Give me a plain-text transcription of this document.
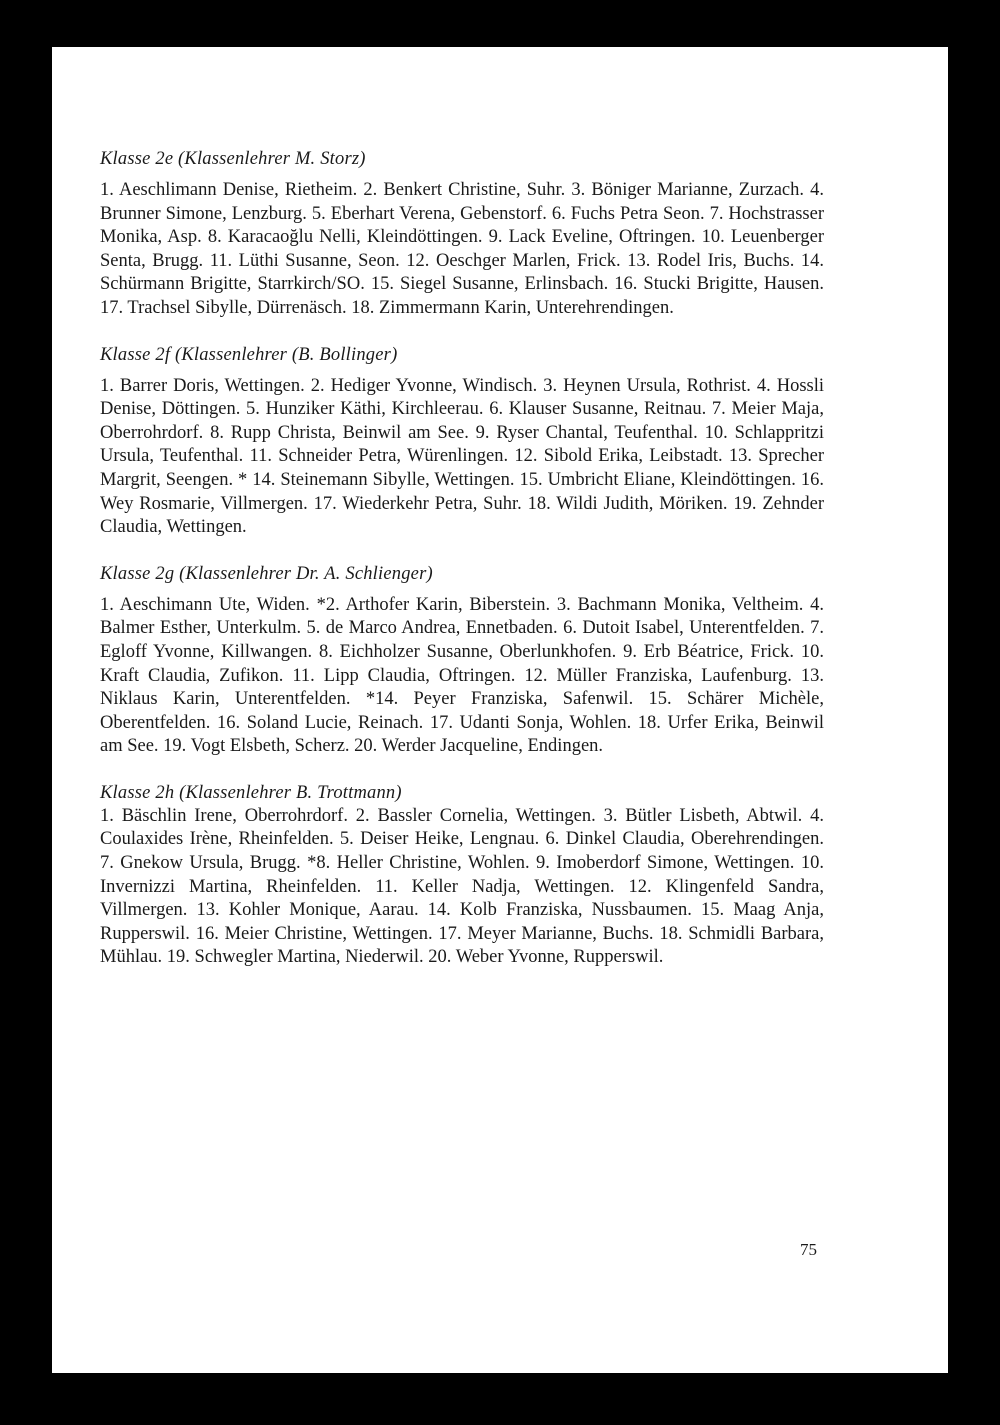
Klasse 2e (Klassenlehrer M. Storz)

1. Aeschlimann Denise, Rietheim. 2. Benkert Christine, Suhr. 3. Böniger Marianne, Zurzach. 4. Brunner Simone, Lenzburg. 5. Eberhart Verena, Gebenstorf. 6. Fuchs Petra Seon. 7. Hochstrasser Monika, Asp. 8. Karacaoğlu Nelli, Kleindöttingen. 9. Lack Eveline, Oftringen. 10. Leuenberger Senta, Brugg. 11. Lüthi Susanne, Seon. 12. Oeschger Marlen, Frick. 13. Rodel Iris, Buchs. 14. Schürmann Brigitte, Starrkirch/SO. 15. Siegel Susanne, Erlinsbach. 16. Stucki Brigitte, Hausen. 17. Trachsel Sibylle, Dürrenäsch. 18. Zimmermann Karin, Unterehrendingen.

Klasse 2f (Klassenlehrer (B. Bollinger)

1. Barrer Doris, Wettingen. 2. Hediger Yvonne, Windisch. 3. Heynen Ursula, Rothrist. 4. Hossli Denise, Döttingen. 5. Hunziker Käthi, Kirchleerau. 6. Klauser Susanne, Reitnau. 7. Meier Maja, Oberrohrdorf. 8. Rupp Christa, Beinwil am See. 9. Ryser Chantal, Teufenthal. 10. Schlappritzi Ursula, Teufenthal. 11. Schneider Petra, Würenlingen. 12. Sibold Erika, Leibstadt. 13. Sprecher Margrit, Seengen. * 14. Steinemann Sibylle, Wettingen. 15. Umbricht Eliane, Kleindöttingen. 16. Wey Rosmarie, Villmergen. 17. Wiederkehr Petra, Suhr. 18. Wildi Judith, Möriken. 19. Zehnder Claudia, Wettingen.

Klasse 2g (Klassenlehrer Dr. A. Schlienger)

1. Aeschimann Ute, Widen. *2. Arthofer Karin, Biberstein. 3. Bachmann Monika, Veltheim. 4. Balmer Esther, Unterkulm. 5. de Marco Andrea, Ennetbaden. 6. Dutoit Isabel, Unterentfelden. 7. Egloff Yvonne, Killwangen. 8. Eichholzer Susanne, Oberlunkhofen. 9. Erb Béatrice, Frick. 10. Kraft Claudia, Zufikon. 11. Lipp Claudia, Oftringen. 12. Müller Franziska, Laufenburg. 13. Niklaus Karin, Unterentfelden. *14. Peyer Franziska, Safenwil. 15. Schärer Michèle, Oberentfelden. 16. Soland Lucie, Reinach. 17. Udanti Sonja, Wohlen. 18. Urfer Erika, Beinwil am See. 19. Vogt Elsbeth, Scherz. 20. Werder Jacqueline, Endingen.

Klasse 2h (Klassenlehrer B. Trottmann)

1. Bäschlin Irene, Oberrohrdorf. 2. Bassler Cornelia, Wettingen. 3. Bütler Lisbeth, Abtwil. 4. Coulaxides Irène, Rheinfelden. 5. Deiser Heike, Lengnau. 6. Dinkel Claudia, Oberehrendingen. 7. Gnekow Ursula, Brugg. *8. Heller Christine, Wohlen. 9. Imoberdorf Simone, Wettingen. 10. Invernizzi Martina, Rheinfelden. 11. Keller Nadja, Wettingen. 12. Klingenfeld Sandra, Villmergen. 13. Kohler Monique, Aarau. 14. Kolb Franziska, Nussbaumen. 15. Maag Anja, Rupperswil. 16. Meier Christine, Wettingen. 17. Meyer Marianne, Buchs. 18. Schmidli Barbara, Mühlau. 19. Schwegler Martina, Niederwil. 20. Weber Yvonne, Rupperswil.

75
